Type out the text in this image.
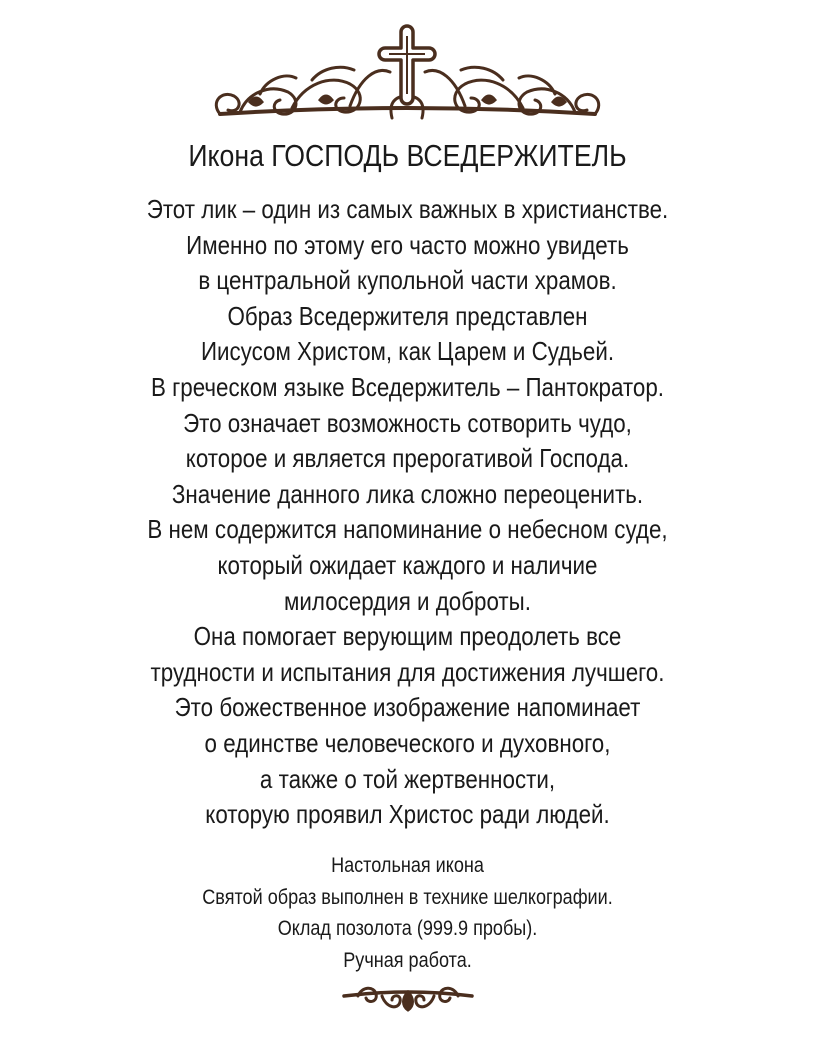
Икона ГОСПОДЬ ВСЕДЕРЖИТЕЛЬ
Этот лик – один из самых важных в христианстве.
Именно по этому его часто можно увидеть
в центральной купольной части храмов.
Образ Вседержителя представлен
Иисусом Христом, как Царем и Судьей.
В греческом языке Вседержитель – Пантократор.
Это означает возможность сотворить чудо,
которое и является прерогативой Господа.
Значение данного лика сложно переоценить.
В нем содержится напоминание о небесном суде,
который ожидает каждого и наличие
милосердия и доброты.
Она помогает верующим преодолеть все
трудности и испытания для достижения лучшего.
Это божественное изображение напоминает
о единстве человеческого и духовного,
а также о той жертвенности,
которую проявил Христос ради людей.
Настольная икона
Святой образ выполнен в технике шелкографии.
Оклад позолота (999.9 пробы).
Ручная работа.
